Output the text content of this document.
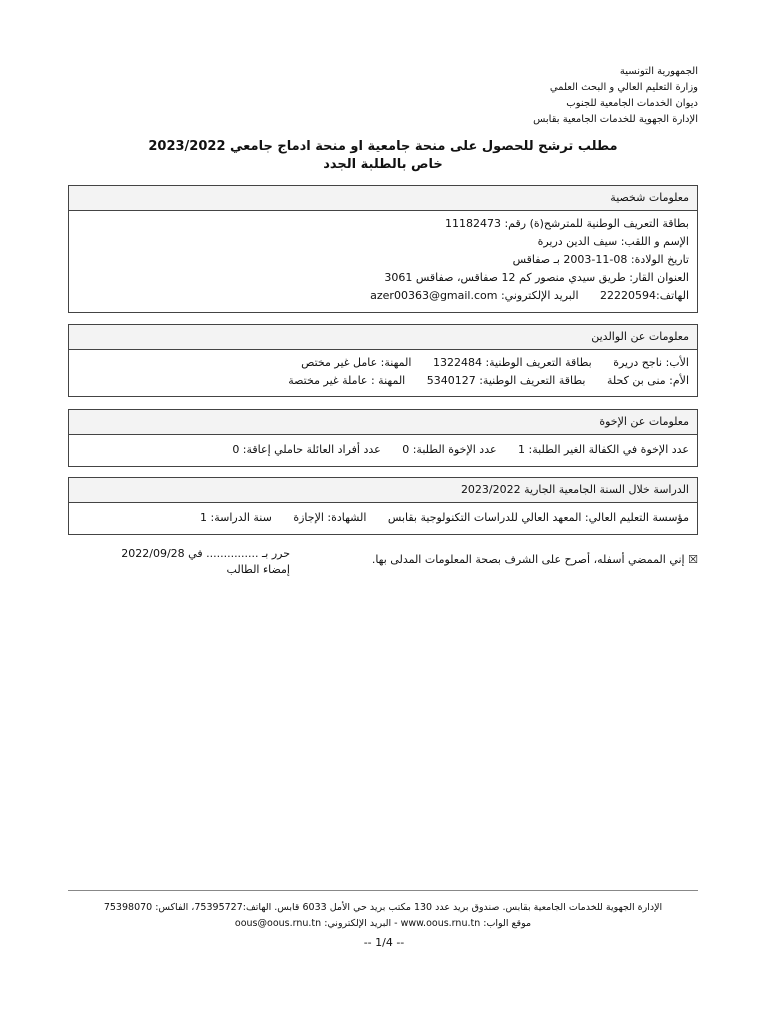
الجمهورية التونسية
وزارة التعليم العالي و البحث العلمي
ديوان الخدمات الجامعية للجنوب
الإدارة الجهوية للخدمات الجامعية بقابس
مطلب ترشح للحصول على منحة جامعية او منحة ادماج جامعي 2023/2022
خاص بالطلبة الجدد
معلومات شخصية
بطاقة التعريف الوطنية للمترشح(ة) رقم: 11182473
الإسم و اللقب: سيف الدين دريرة
تاريخ الولادة: 08-11-2003 بـ صفاقس
العنوان القار: طريق سيدي منصور كم 12 صفاقس، صفاقس 3061
الهاتف:22220594 البريد الإلكتروني: azer00363@gmail.com
معلومات عن الوالدين
الأب: ناجح دريرة بطاقة التعريف الوطنية: 1322484 المهنة: عامل غير مختص
الأم: منى بن كحلة بطاقة التعريف الوطنية: 5340127 المهنة : عاملة غير مختصة
معلومات عن الإخوة
عدد الإخوة في الكفالة الغير الطلبة: 1 عدد الإخوة الطلبة: 0 عدد أفراد العائلة حاملي إعاقة: 0
الدراسة خلال السنة الجامعية الجارية 2023/2022
مؤسسة التعليم العالي: المعهد العالي للدراسات التكنولوجية بقابس الشهادة: الإجازة سنة الدراسة: 1
☒ إني الممضي أسفله، أصرح على الشرف بصحة المعلومات المدلى بها.
حرر بـ ............... في 2022/09/28
إمضاء الطالب
الإدارة الجهوية للخدمات الجامعية بقابس. صندوق بريد عدد 130 مكتب بريد حي الأمل 6033 قابس. الهاتف:75395727، الفاكس: 75398070
موقع الواب: www.oous.rnu.tn - البريد الإلكتروني: oous@oous.rnu.tn
-- 1/4 --
